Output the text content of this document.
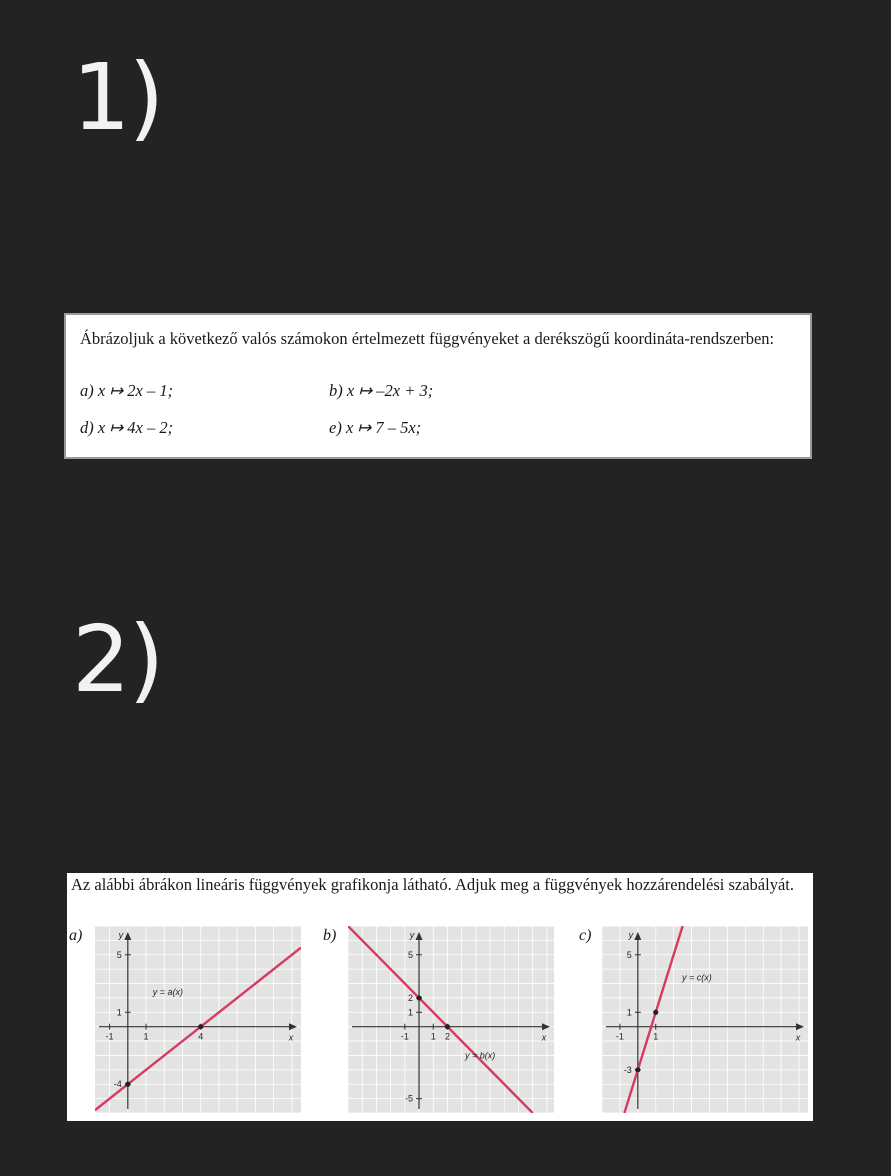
1)
Ábrázoljuk a következő valós számokon értelmezett függvényeket a derékszögű koordináta-rendszerben:
a) x ↦ 2x – 1;	b) x ↦ –2x + 3;
d) x ↦ 4x – 2;	e) x ↦ 7 – 5x;
2)
Az alábbi ábrákon lineáris függvények grafikonja látható. Adjuk meg a függvények hozzárendelési szabályát.
a)
x
y
5
1
-4
-1	1	4
y = a(x)
b)
x
y
5
2
1
-5
-1 1 2
y = b(x)
c)
x
y
5
1
-3
-1	1
y = c(x)
